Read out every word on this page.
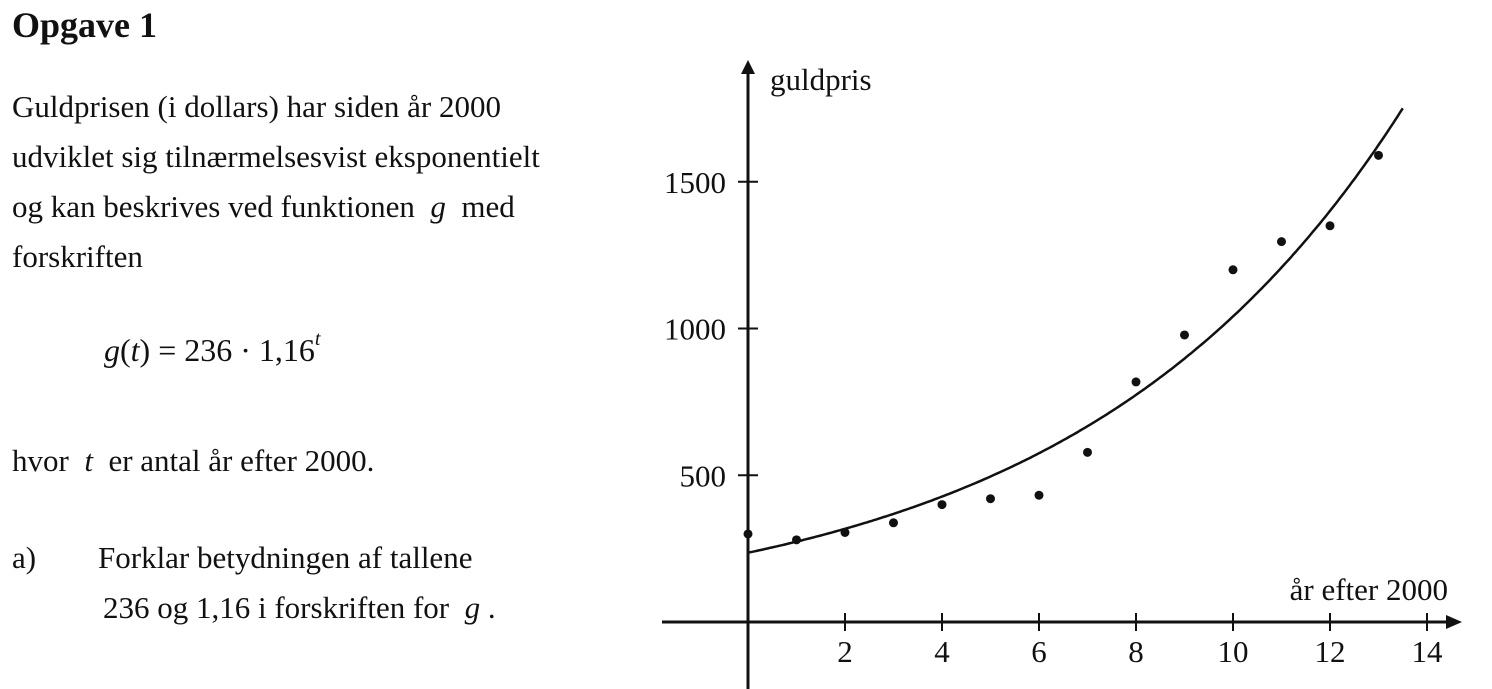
Opgave 1

Guldprisen (i dollars) har siden år 2000
udviklet sig tilnærmelsesvist eksponentielt
og kan beskrives ved funktionen g med
forskriften

$g(t) = 236 \cdot 1,16^t$

hvor t er antal år efter 2000.

a) Forklar betydningen af tallene
236 og 1,16 i forskriften for g .
2	4	6	8 10 12 14
år efter 2000
500
1000
1500
guldpris
